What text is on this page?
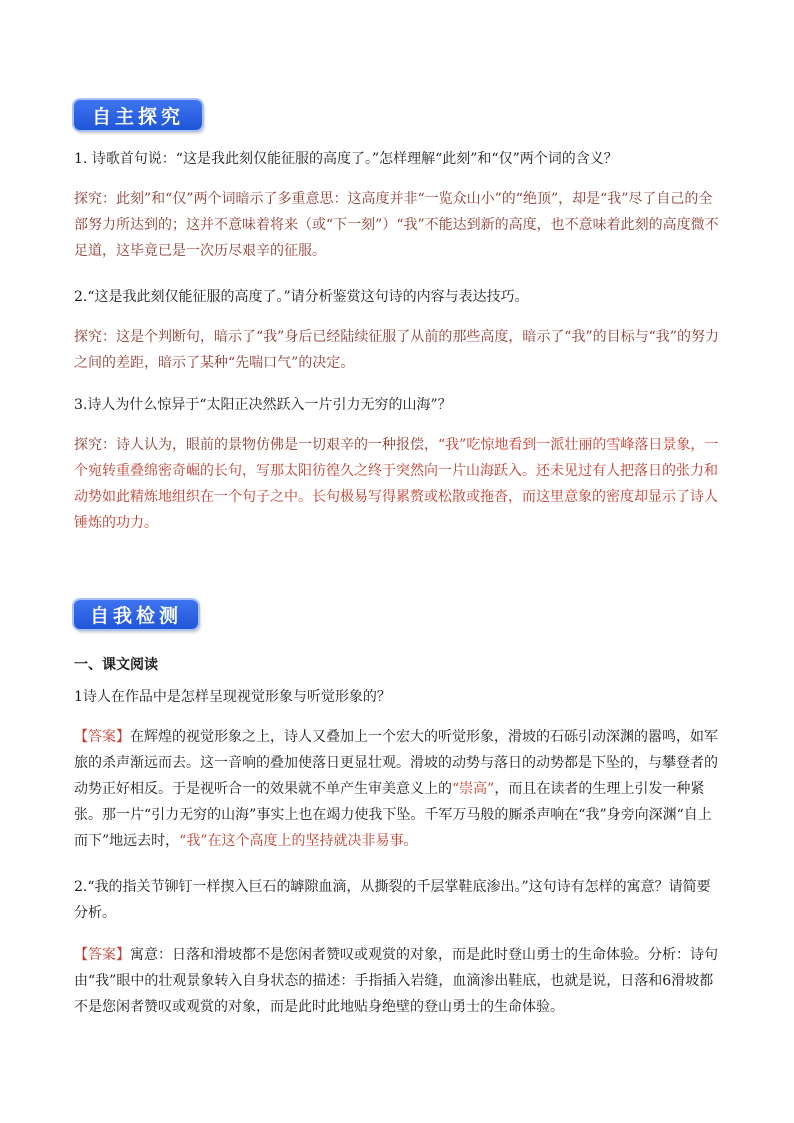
自主探究

1. 诗歌首句说：“这是我此刻仅能征服的高度了。”怎样理解“此刻”和“仅”两个词的含义？

探究：此刻”和“仅”两个词暗示了多重意思：这高度并非“一览众山小”的“绝顶”，却是“我”尽了自己的全部努力所达到的；这并不意味着将来（或“下一刻”）“我”不能达到新的高度，也不意味着此刻的高度微不足道，这毕竟已是一次历尽艰辛的征服。

2.“这是我此刻仅能征服的高度了。”请分析鉴赏这句诗的内容与表达技巧。

探究：这是个判断句，暗示了“我”身后已经陆续征服了从前的那些高度，暗示了“我”的目标与“我”的努力之间的差距，暗示了某种“先喘口气”的决定。

3.诗人为什么惊异于“太阳正决然跃入一片引力无穷的山海”？

探究：诗人认为，眼前的景物仿佛是一切艰辛的一种报偿，“我”吃惊地看到一派壮丽的雪峰落日景象，一个宛转重叠绵密奇崛的长句，写那太阳彷徨久之终于突然向一片山海跃入。还未见过有人把落日的张力和动势如此精炼地组织在一个句子之中。长句极易写得累赘或松散或拖沓，而这里意象的密度却显示了诗人锤炼的功力。

自我检测

一、课文阅读

1诗人在作品中是怎样呈现视觉形象与听觉形象的？

【答案】在辉煌的视觉形象之上，诗人又叠加上一个宏大的听觉形象，滑坡的石砾引动深渊的嚣鸣，如军旅的杀声渐远而去。这一音响的叠加使落日更显壮观。滑坡的动势与落日的动势都是下坠的，与攀登者的动势正好相反。于是视听合一的效果就不单产生审美意义上的“崇高”，而且在读者的生理上引发一种紧张。那一片“引力无穷的山海”事实上也在竭力使我下坠。千军万马般的厮杀声响在“我”身旁向深渊“自上而下”地远去时，“我”在这个高度上的坚持就决非易事。

2.“我的指关节铆钉一样揳入巨石的罅隙血滴，从撕裂的千层掌鞋底渗出。”这句诗有怎样的寓意？请简要分析。

【答案】寓意：日落和滑坡都不是您闲者赞叹或观赏的对象，而是此时登山勇士的生命体验。分析：诗句由“我”眼中的壮观景象转入自身状态的描述：手指插入岩缝，血滴渗出鞋底，也就是说，日落和6滑坡都不是您闲者赞叹或观赏的对象，而是此时此地贴身绝壁的登山勇士的生命体验。
